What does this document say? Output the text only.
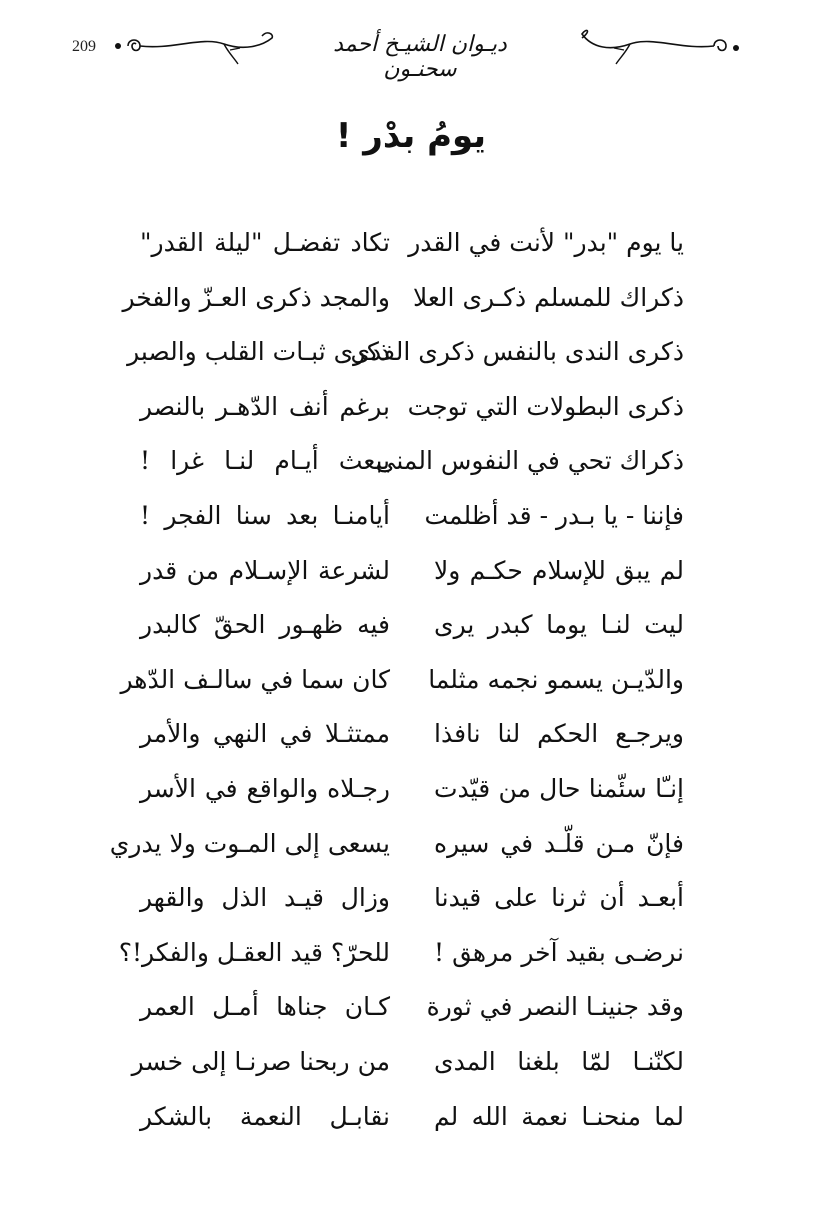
209	ديـوان الشيـخ أحمد سحنـون
يومُ بدْر !
يا يوم "بدر" لأنت في القدر
تكاد تفضـل "ليلة القدر"
ذكراك للمسلم ذكـرى العلا
والمجد ذكرى العـزّ والفخر
ذكرى الندى بالنفس ذكرى الفدى
ذكرى ثبـات القلب والصبر
ذكرى البطولات التي توجت
برغم أنف الدّهـر بالنصر
ذكراك تحي في النفوس المنى
يبعث أيـام لنـا غرا !
فإننا - يا بـدر - قد أظلمت
أيامنـا بعد سنا الفجر !
لم يبق للإسلام حكـم ولا
لشرعة الإسـلام من قدر
ليت لنـا يوما كبدر يرى
فيه ظهـور الحقّ كالبدر
والدّيـن يسمو نجمه مثلما
كان سما في سالـف الدّهر
ويرجـع الحكم لنا نافذا
ممتثـلا في النهي والأمر
إنـّا سئّمنا حال من قيّدت
رجـلاه والواقع في الأسر
فإنّ مـن قلّـد في سيره
يسعى إلى المـوت ولا يدري
أبعـد أن ثرنا على قيدنا
وزال قيـد الذل والقهر
نرضـى بقيد آخر مرهق !
للحرّ؟ قيد العقـل والفكر!؟
وقد جنينـا النصر في ثورة
كـان جناها أمـل العمر
لكنّنـا لمّا بلغنا المدى
من ربحنا صرنـا إلى خسر
لما منحنـا نعمة الله لم
نقابـل النعمة بالشكر
